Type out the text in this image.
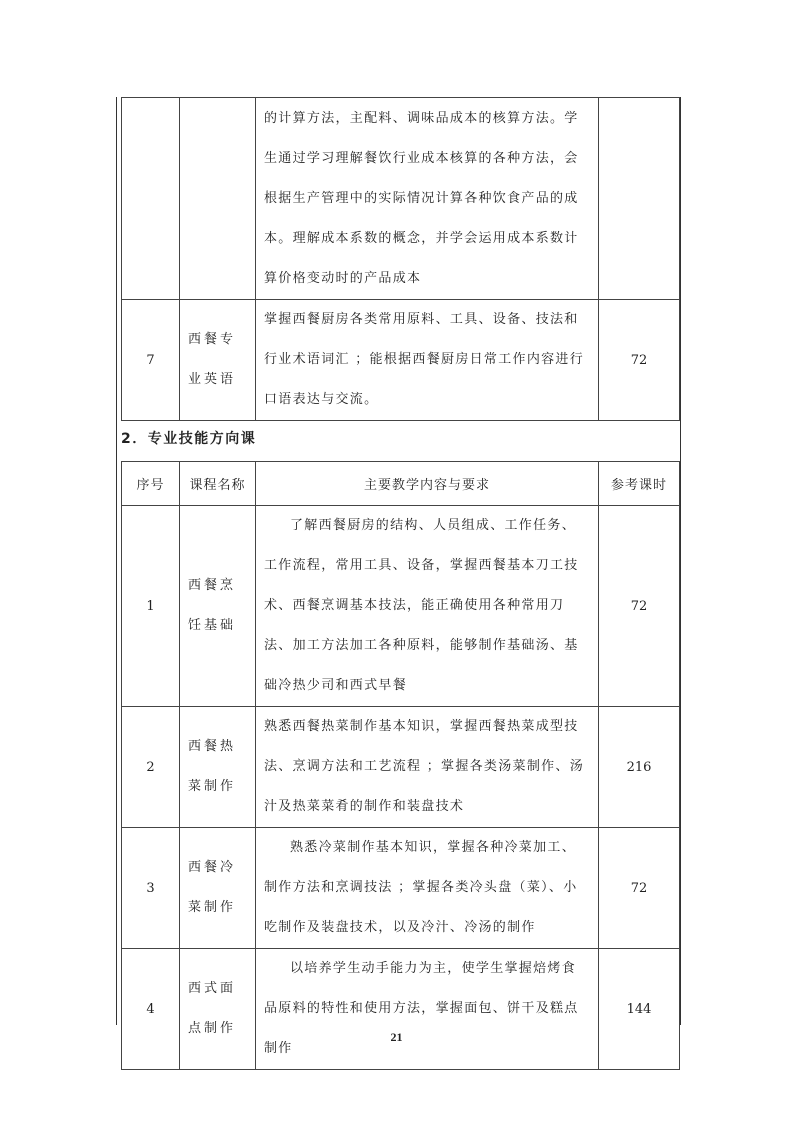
		的计算方法，主配料、调味品成本的核算方法。学生通过学习理解餐饮行业成本核算的各种方法，会根据生产管理中的实际情况计算各种饮食产品的成本。理解成本系数的概念，并学会运用成本系数计算价格变动时的产品成本	
7	西餐专业英语	掌握西餐厨房各类常用原料、工具、设备、技法和行业术语词汇 ；能根据西餐厨房日常工作内容进行口语表达与交流。	72
2．专业技能方向课
序号	课程名称	主要教学内容与要求	参考课时
1	西餐烹饪基础	了解西餐厨房的结构、人员组成、工作任务、工作流程，常用工具、设备，掌握西餐基本刀工技术、西餐烹调基本技法，能正确使用各种常用刀法、加工方法加工各种原料，能够制作基础汤、基础冷热少司和西式早餐	72
2	西餐热菜制作	熟悉西餐热菜制作基本知识，掌握西餐热菜成型技法、烹调方法和工艺流程 ；掌握各类汤菜制作、汤汁及热菜菜肴的制作和装盘技术	216
3	西餐冷菜制作	熟悉冷菜制作基本知识，掌握各种冷菜加工、制作方法和烹调技法 ；掌握各类冷头盘（菜）、小吃制作及装盘技术，以及冷汁、冷汤的制作	72
4	西式面点制作	以培养学生动手能力为主，使学生掌握焙烤食品原料的特性和使用方法，掌握面包、饼干及糕点制作	144
21
